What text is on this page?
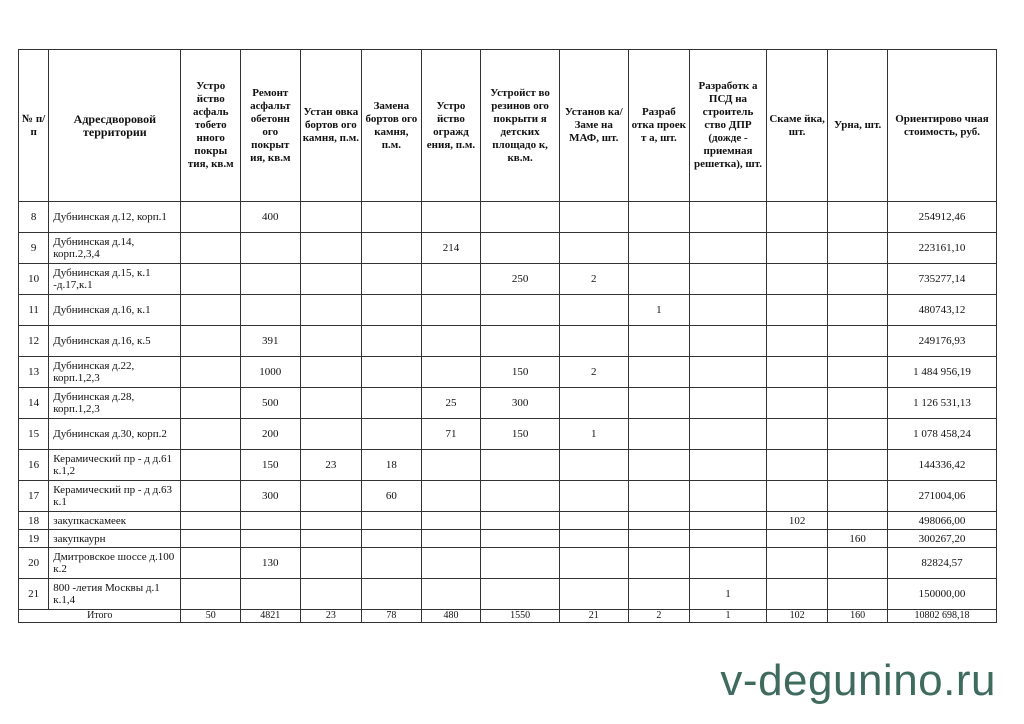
№ п/п	Адресдворовой территории	Устро йство асфаль тобето нного покры тия, кв.м	Ремонт асфальт обетонн ого покрыт ия, кв.м	Устан овка бортов ого камня, п.м.	Замена бортов ого камня, п.м.	Устро йство огражд ения, п.м.	Устройст во резинов ого покрыти я детских площадо к, кв.м.	Установ ка/Заме на МАФ, шт.	Разраб отка проек т а, шт.	Разработк а ПСД на строитель ство ДПР (дожде - приемная решетка), шт.	Скаме йка, шт.	Урна, шт.	Ориентирово чная стоимость, руб.
8	Дубнинская д.12, корп.1		400										254912,46
9	Дубнинская д.14, корп.2,3,4					214							223161,10
10	Дубнинская д.15, к.1 -д.17,к.1						250	2					735277,14
11	Дубнинская д.16, к.1								1				480743,12
12	Дубнинская д.16, к.5		391										249176,93
13	Дубнинская д.22, корп.1,2,3		1000				150	2					1 484 956,19
14	Дубнинская д.28, корп.1,2,3		500			25	300						1 126 531,13
15	Дубнинская д.30, корп.2		200			71	150	1					1 078 458,24
16	Керамический пр - д д.61 к.1,2		150	23	18								144336,42
17	Керамический пр - д д.63 к.1		300		60								271004,06
18	закупкаскамеек										102		498066,00
19	закупкаурн											160	300267,20
20	Дмитровское шоссе д.100 к.2		130										82824,57
21	800 -летия Москвы д.1 к.1,4									1			150000,00
Итого		50	4821	23	78	480	1550	21	2	1	102	160	10802 698,18
v-degunino.ru
